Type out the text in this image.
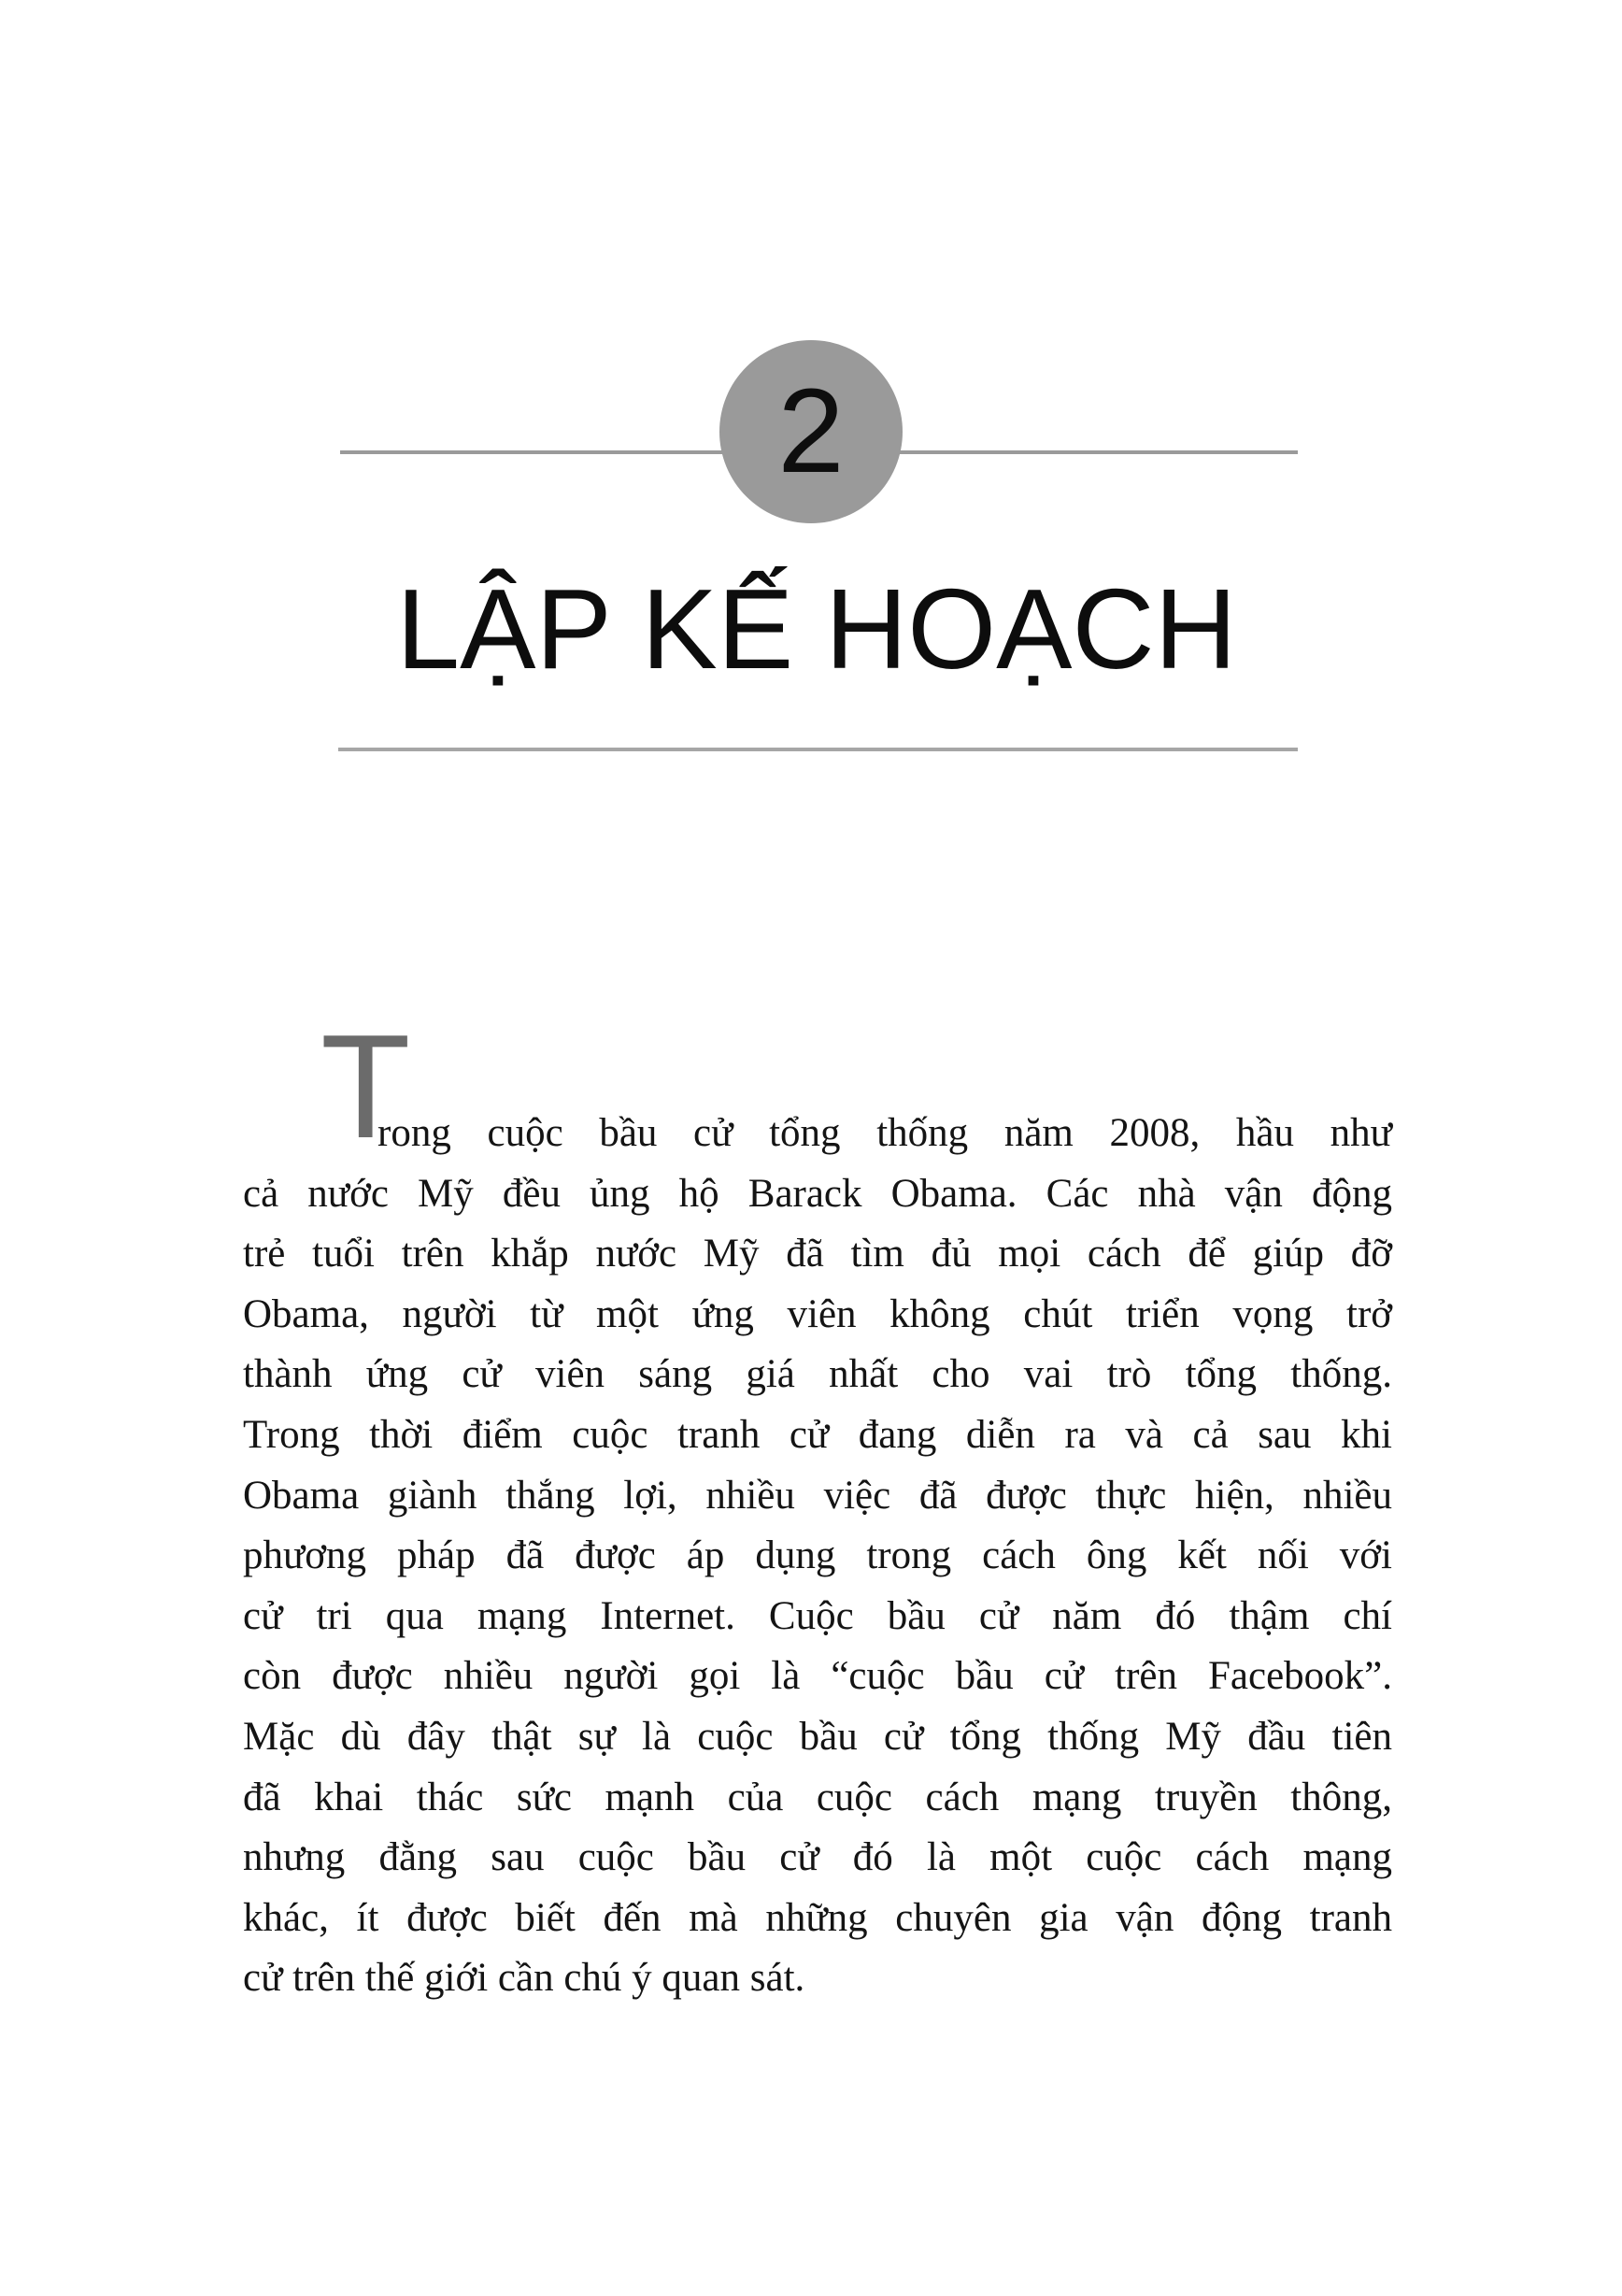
2
LẬP KẾ HOẠCH
T
rong cuộc bầu cử tổng thống năm 2008, hầu như
cả nước Mỹ đều ủng hộ Barack Obama. Các nhà vận động
trẻ tuổi trên khắp nước Mỹ đã tìm đủ mọi cách để giúp đỡ
Obama, người từ một ứng viên không chút triển vọng trở
thành ứng cử viên sáng giá nhất cho vai trò tổng thống.
Trong thời điểm cuộc tranh cử đang diễn ra và cả sau khi
Obama giành thắng lợi, nhiều việc đã được thực hiện, nhiều
phương pháp đã được áp dụng trong cách ông kết nối với
cử tri qua mạng Internet. Cuộc bầu cử năm đó thậm chí
còn được nhiều người gọi là “cuộc bầu cử trên Facebook”.
Mặc dù đây thật sự là cuộc bầu cử tổng thống Mỹ đầu tiên
đã khai thác sức mạnh của cuộc cách mạng truyền thông,
nhưng đằng sau cuộc bầu cử đó là một cuộc cách mạng
khác, ít được biết đến mà những chuyên gia vận động tranh
cử trên thế giới cần chú ý quan sát.
